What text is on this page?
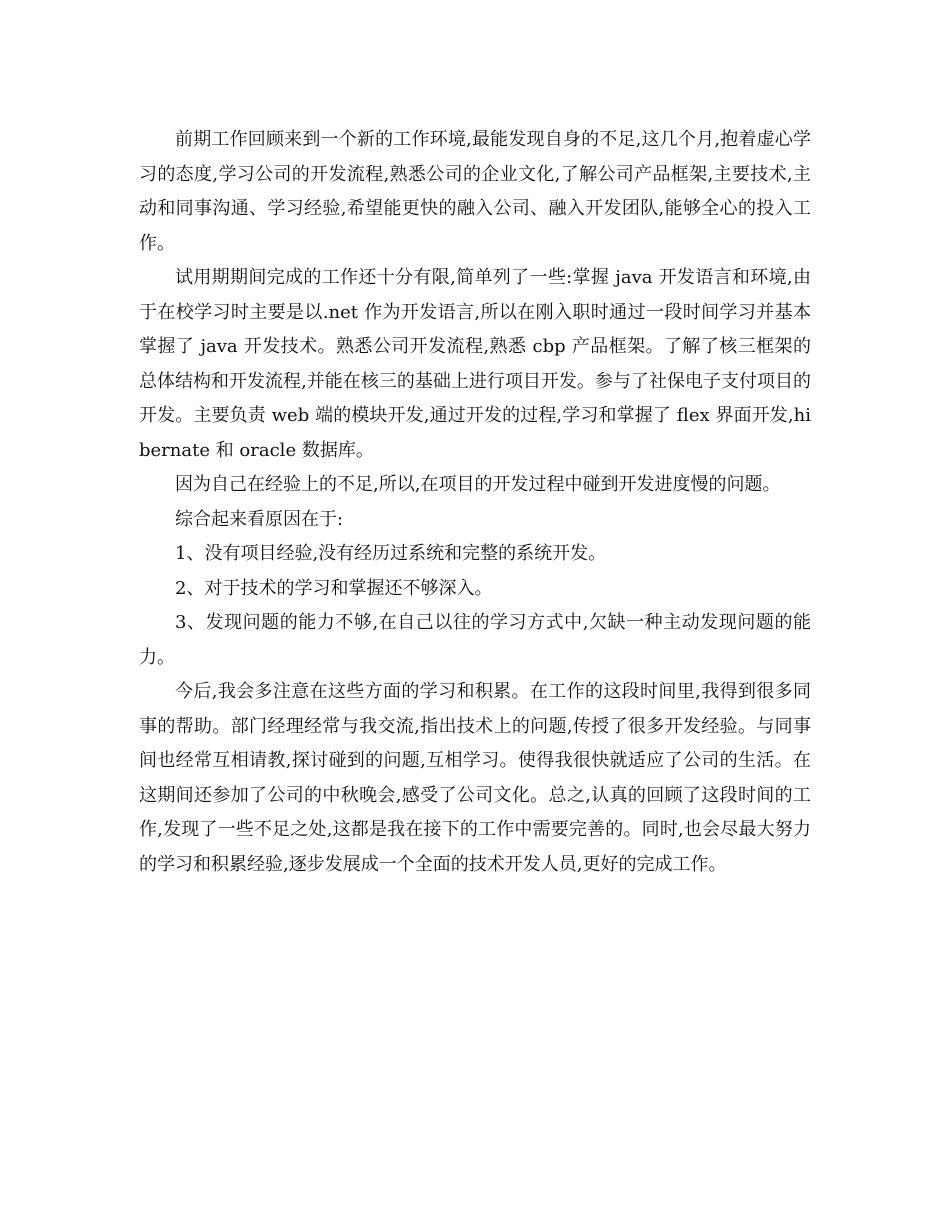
前期工作回顾来到一个新的工作环境,最能发现自身的不足,这几个月,抱着虚心学习的态度,学习公司的开发流程,熟悉公司的企业文化,了解公司产品框架,主要技术,主动和同事沟通、学习经验,希望能更快的融入公司、融入开发团队,能够全心的投入工作。

试用期期间完成的工作还十分有限,简单列了一些:掌握 java 开发语言和环境,由于在校学习时主要是以.net 作为开发语言,所以在刚入职时通过一段时间学习并基本掌握了 java 开发技术。熟悉公司开发流程,熟悉 cbp 产品框架。了解了核三框架的总体结构和开发流程,并能在核三的基础上进行项目开发。参与了社保电子支付项目的开发。主要负责 web 端的模块开发,通过开发的过程,学习和掌握了 flex 界面开发,hibernate 和 oracle 数据库。

因为自己在经验上的不足,所以,在项目的开发过程中碰到开发进度慢的问题。

综合起来看原因在于:

1、没有项目经验,没有经历过系统和完整的系统开发。

2、对于技术的学习和掌握还不够深入。

3、发现问题的能力不够,在自己以往的学习方式中,欠缺一种主动发现问题的能力。

今后,我会多注意在这些方面的学习和积累。在工作的这段时间里,我得到很多同事的帮助。部门经理经常与我交流,指出技术上的问题,传授了很多开发经验。与同事间也经常互相请教,探讨碰到的问题,互相学习。使得我很快就适应了公司的生活。在这期间还参加了公司的中秋晚会,感受了公司文化。总之,认真的回顾了这段时间的工作,发现了一些不足之处,这都是我在接下的工作中需要完善的。同时,也会尽最大努力的学习和积累经验,逐步发展成一个全面的技术开发人员,更好的完成工作。
